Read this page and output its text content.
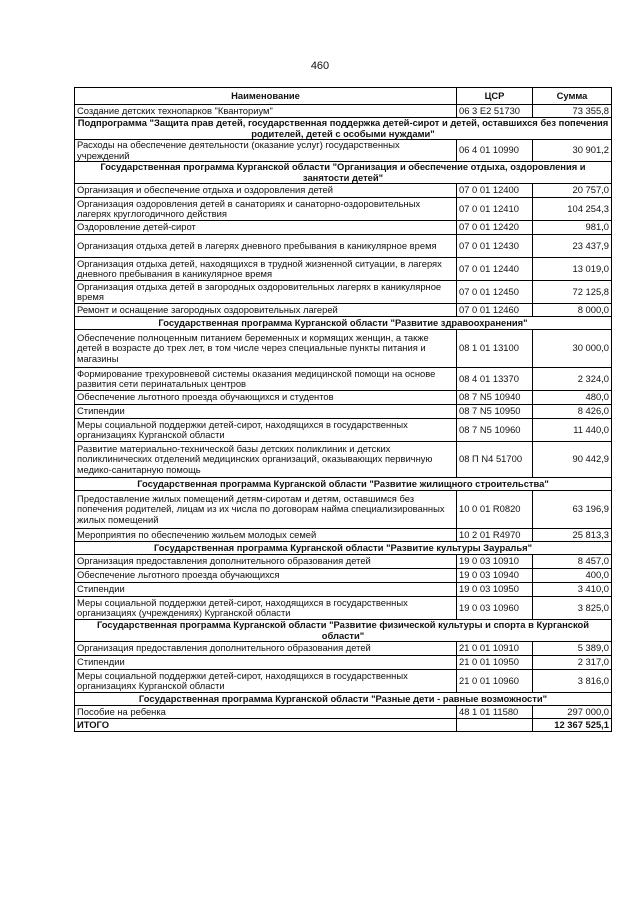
460
Наименование	ЦСР	Сумма
Создание детских технопарков "Кванториум"	06 3 E2 51730	73 355,8
Подпрограмма "Защита прав детей, государственная поддержка детей-сирот и детей, оставшихся без попечения родителей, детей с особыми нуждами"		
Расходы на обеспечение деятельности (оказание услуг) государственных учреждений	06 4 01 10990	30 901,2
Государственная программа Курганской области "Организация и обеспечение отдыха, оздоровления и занятости детей"		
Организация и обеспечение отдыха и оздоровления детей	07 0 01 12400	20 757,0
Организация оздоровления детей в санаториях и санаторно-оздоровительных лагерях круглогодичного действия	07 0 01 12410	104 254,3
Оздоровление детей-сирот	07 0 01 12420	981,0
Организация отдыха детей в лагерях дневного пребывания в каникулярное время	07 0 01 12430	23 437,9
Организация отдыха детей, находящихся в трудной жизненной ситуации, в лагерях дневного пребывания в каникулярное время	07 0 01 12440	13 019,0
Организация отдыха детей в загородных оздоровительных лагерях в каникулярное время	07 0 01 12450	72 125,8
Ремонт и оснащение загородных оздоровительных лагерей	07 0 01 12460	8 000,0
Государственная программа Курганской области "Развитие здравоохранения"		
Обеспечение полноценным питанием беременных и кормящих женщин, а также детей в возрасте до трех лет, в том числе через специальные пункты питания и магазины	08 1 01 13100	30 000,0
Формирование трехуровневой системы оказания медицинской помощи на основе развития сети перинатальных центров	08 4 01 13370	2 324,0
Обеспечение льготного проезда обучающихся и студентов	08 7 N5 10940	480,0
Стипендии	08 7 N5 10950	8 426,0
Меры социальной поддержки детей-сирот, находящихся в государственных организациях Курганской области	08 7 N5 10960	11 440,0
Развитие материально-технической базы детских поликлиник и детских поликлинических отделений медицинских организаций, оказывающих первичную медико-санитарную помощь	08 П N4 51700	90 442,9
Государственная программа Курганской области "Развитие жилищного строительства"		
Предоставление жилых помещений детям-сиротам и детям, оставшимся без попечения родителей, лицам из их числа по договорам найма специализированных жилых помещений	10 0 01 R0820	63 196,9
Мероприятия по обеспечению жильем молодых семей	10 2 01 R4970	25 813,3
Государственная программа Курганской области "Развитие культуры Зауралья"		
Организация предоставления дополнительного образования детей	19 0 03 10910	8 457,0
Обеспечение льготного проезда обучающихся	19 0 03 10940	400,0
Стипендии	19 0 03 10950	3 410,0
Меры социальной поддержки детей-сирот, находящихся в государственных организациях (учреждениях) Курганской области	19 0 03 10960	3 825,0
Государственная программа Курганской области "Развитие физической культуры и спорта в Курганской области"		
Организация предоставления дополнительного образования детей	21 0 01 10910	5 389,0
Стипендии	21 0 01 10950	2 317,0
Меры социальной поддержки детей-сирот, находящихся в государственных организациях Курганской области	21 0 01 10960	3 816,0
Государственная программа Курганской области "Разные дети - равные возможности"		
Пособие на ребенка	48 1 01 11580	297 000,0
ИТОГО		12 367 525,1
